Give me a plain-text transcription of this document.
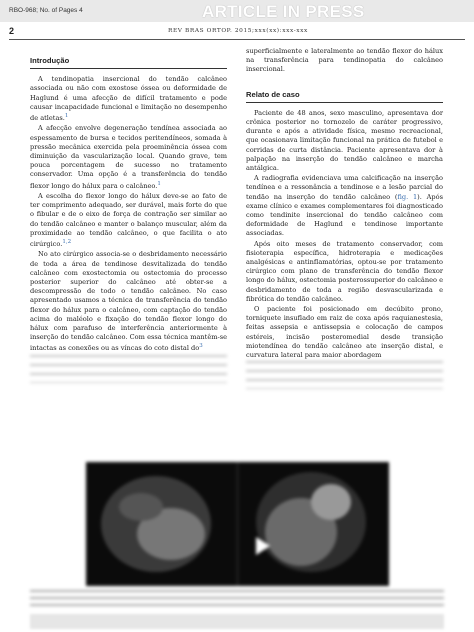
RBO-968; No. of Pages 4	ARTICLE IN PRESS
2	REV BRAS ORTOP. 2015;xxx(xx):xxx-xxx
Introdução

A tendinopatia insercional do tendão calcâneo associada ou não com exostose óssea ou deformidade de Haglund é uma afecção de difícil tratamento e pode causar incapacidade funcional e limitação no desempenho de atletas.$^1$

A afecção envolve degeneração tendínea associada ao espessamento de bursa e tecidos peritendíneos, somada à pressão mecânica exercida pela proeminência óssea com diminuição da vascularização local. Quando grave, tem pouca porcentagem de sucesso no tratamento conservador. Uma opção é a transferência do tendão flexor longo do hálux para o calcâneo.$^1$

A escolha do flexor longo do hálux deve-se ao fato de ter comprimento adequado, ser durável, mais forte do que o fibular e de o eixo de força de contração ser similar ao do tendão calcâneo e manter o balanço muscular, além da proximidade ao tendão calcâneo, o que facilita o ato cirúrgico.$^{1,2}$

No ato cirúrgico associa-se o desbridamento necessário de toda a área de tendinose desvitalizada do tendão calcâneo com exostectomia ou ostectomia do processo posterior superior do calcâneo até obter-se a descompressão de todo o tendão calcâneo. No caso apresentado usamos a técnica de transferência do tendão flexor do hálux para o calcâneo, com captação do tendão acima do maléolo e fixação do tendão flexor longo do hálux com parafuso de interferência anteriormente à inserção do tendão calcâneo. Com essa técnica mantêm-se intactas as conexões ou as víncas do coto distal do$^3$

superficialmente e lateralmente ao tendão flexor do hálux na transferência para tendinopatia do calcâneo insercional.

Relato de caso

Paciente de 48 anos, sexo masculino, apresentava dor crônica posterior no tornozelo de caráter progressivo, durante e após a atividade física, mesmo recreacional, que ocasionava limitação funcional na prática de futebol e corridas de curta distância. Paciente apresentava dor à palpação na inserção do tendão calcâneo e marcha antálgica.

A radiografia evidenciava uma calcificação na inserção tendínea e a ressonância a tendinose e a lesão parcial do tendão na inserção do tendão calcâneo (fig. 1). Após exame clínico e exames complementares foi diagnosticado como tendinite insercional do tendão calcâneo com deformidade de Haglund e tendinose importante associadas.

Após oito meses de tratamento conservador, com fisioterapia específica, hidroterapia e medicações analgésicas e antinflamatórias, optou-se por tratamento cirúrgico com plano de transferência do tendão flexor longo do hálux, ostectomia posterossuperior do calcâneo e desbridamento de toda a região desvascularizada e fibrótica do tendão calcâneo.

O paciente foi posicionado em decúbito prono, torniquete insuflado em raiz de coxa após raquianestesia, feitas assepsia e antissepsia e colocação de campos estéreis, incisão posteromedial desde transição miotendínea do tendão calcâneo ate inserção distal, e curvatura lateral para maior abordagem
